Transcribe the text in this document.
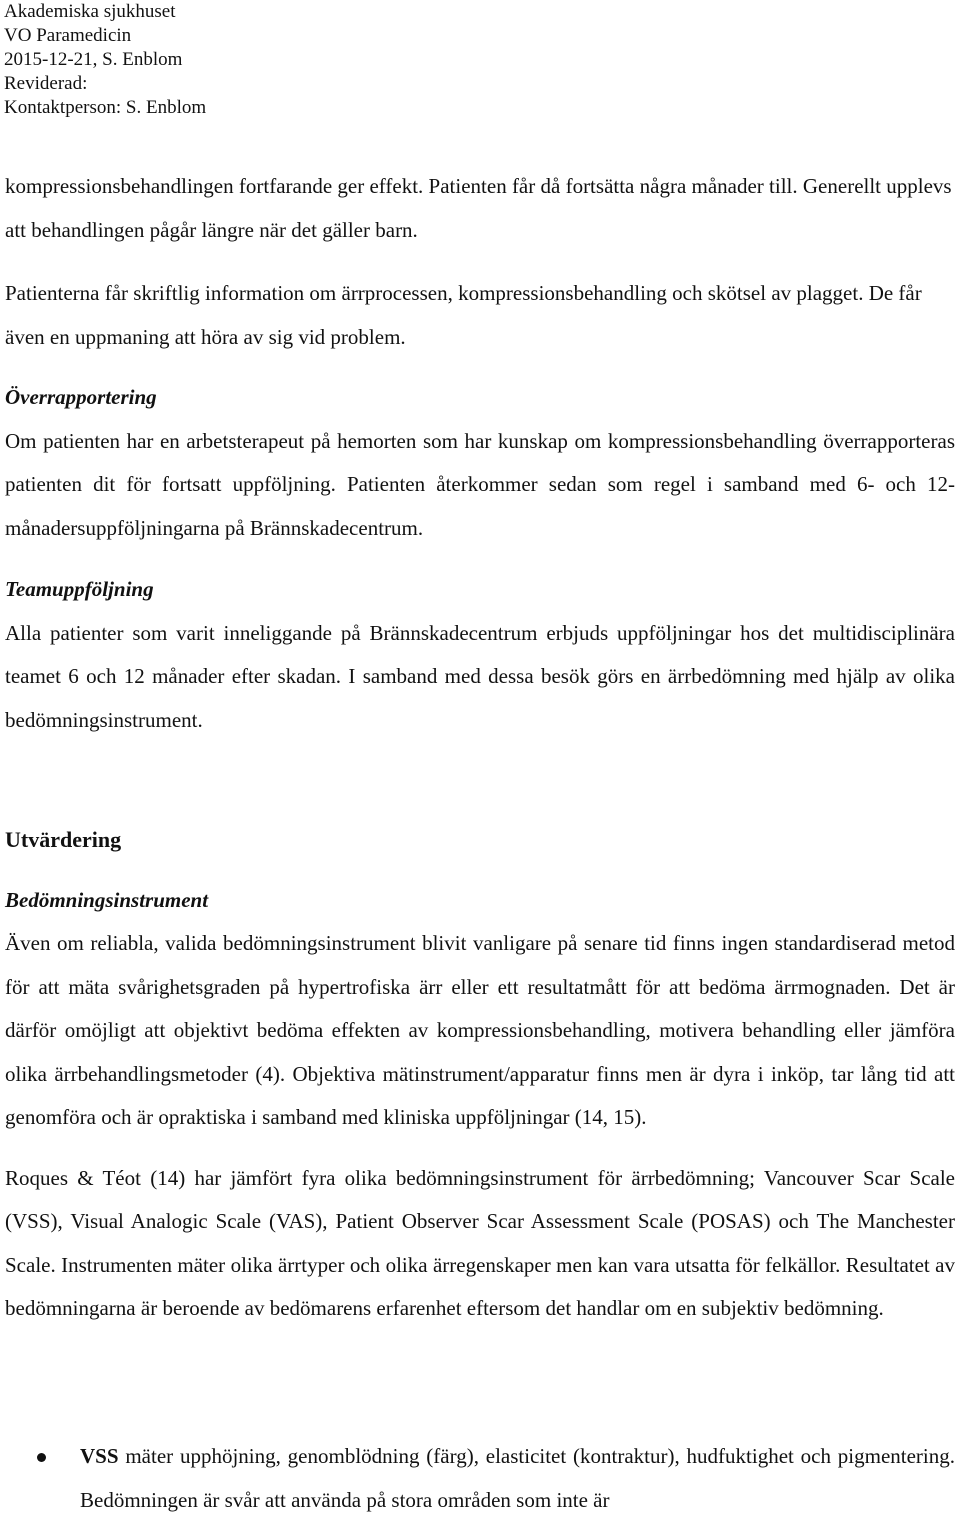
Akademiska sjukhuset
VO Paramedicin
2015-12-21, S. Enblom
Reviderad:
Kontaktperson: S. Enblom

kompressionsbehandlingen fortfarande ger effekt. Patienten får då fortsätta några månader till. Generellt upplevs att behandlingen pågår längre när det gäller barn.

Patienterna får skriftlig information om ärrprocessen, kompressionsbehandling och skötsel av plagget. De får även en uppmaning att höra av sig vid problem.

Överrapportering

Om patienten har en arbetsterapeut på hemorten som har kunskap om kompressionsbehandling överrapporteras patienten dit för fortsatt uppföljning. Patienten återkommer sedan som regel i samband med 6- och 12-månadersuppföljningarna på Brännskadecentrum.

Teamuppföljning

Alla patienter som varit inneliggande på Brännskadecentrum erbjuds uppföljningar hos det multidisciplinära teamet 6 och 12 månader efter skadan. I samband med dessa besök görs en ärrbedömning med hjälp av olika bedömningsinstrument.

Utvärdering

Bedömningsinstrument

Även om reliabla, valida bedömningsinstrument blivit vanligare på senare tid finns ingen standardiserad metod för att mäta svårighetsgraden på hypertrofiska ärr eller ett resultatmått för att bedöma ärrmognaden. Det är därför omöjligt att objektivt bedöma effekten av kompressionsbehandling, motivera behandling eller jämföra olika ärrbehandlingsmetoder (4). Objektiva mätinstrument/apparatur finns men är dyra i inköp, tar lång tid att genomföra och är opraktiska i samband med kliniska uppföljningar (14, 15).

Roques & Téot (14) har jämfört fyra olika bedömningsinstrument för ärrbedömning; Vancouver Scar Scale (VSS), Visual Analogic Scale (VAS), Patient Observer Scar Assessment Scale (POSAS) och The Manchester Scale. Instrumenten mäter olika ärrtyper och olika ärregenskaper men kan vara utsatta för felkällor. Resultatet av bedömningarna är beroende av bedömarens erfarenhet eftersom det handlar om en subjektiv bedömning.

VSS mäter upphöjning, genomblödning (färg), elasticitet (kontraktur), hudfuktighet och pigmentering. Bedömningen är svår att använda på stora områden som inte är
